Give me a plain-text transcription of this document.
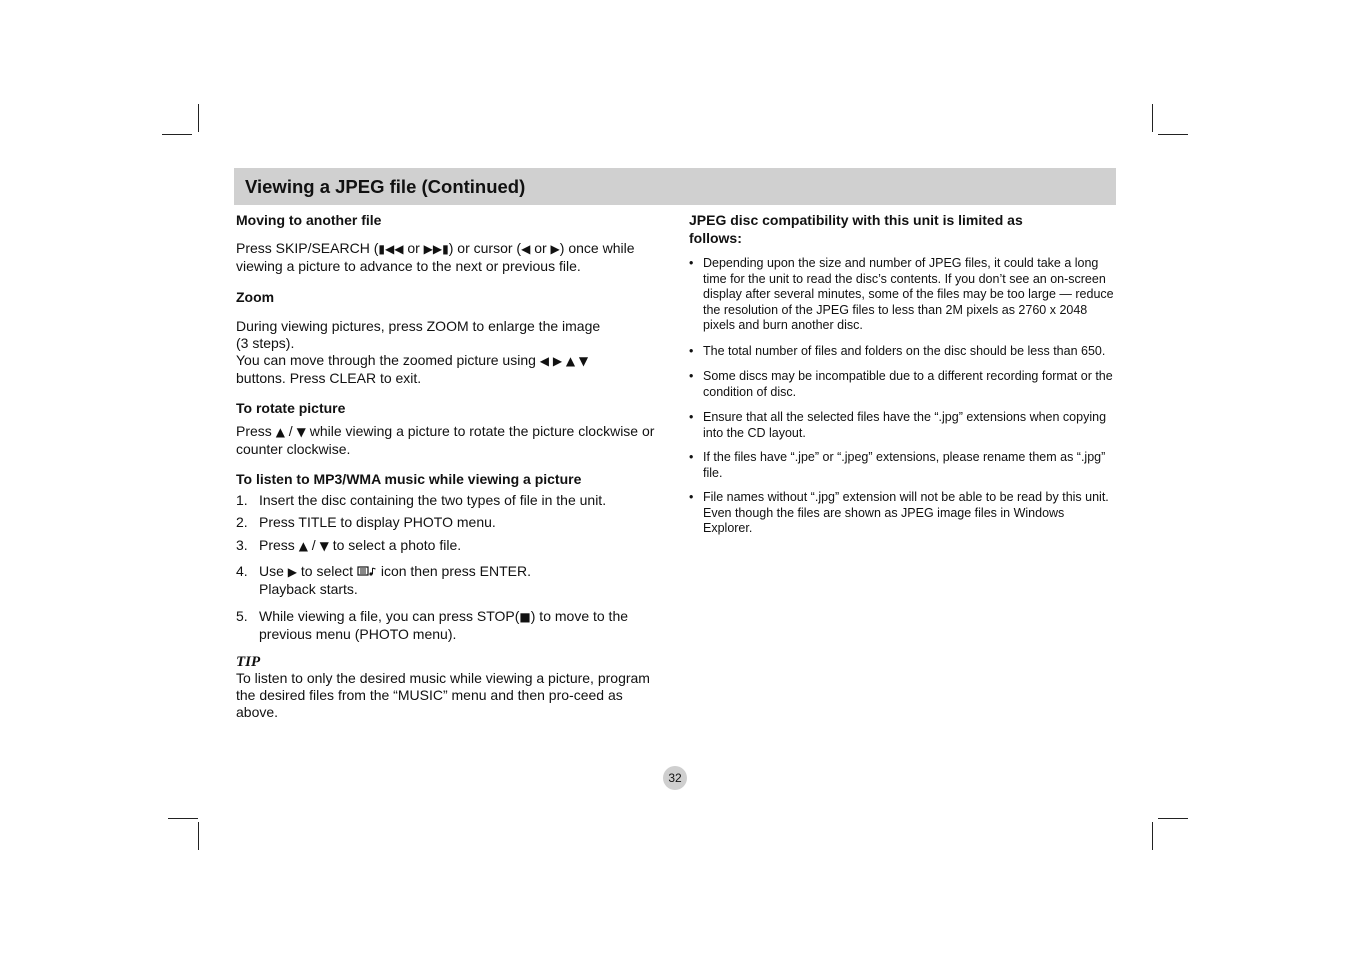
Viewing a JPEG file (Continued)

Moving to another file

Press SKIP/SEARCH (▮◀◀ or ▶▶▮) or cursor (◀ or ▶) once while viewing a picture to advance to the next or previous file.

Zoom

During viewing pictures, press ZOOM to enlarge the image

(3 steps).

You can move through the zoomed picture using ◀ ▶ ▲ ▼

buttons. Press CLEAR to exit.

To rotate picture

Press ▲ / ▼ while viewing a picture to rotate the picture clockwise or counter clockwise.

To listen to MP3/WMA music while viewing a picture

1. Insert the disc containing the two types of file in the unit.
2. Press TITLE to display PHOTO menu.
3. Press ▲ / ▼ to select a photo file.
4. Use ▶ to select  icon then press ENTER.
Playback starts.
5. While viewing a file, you can press STOP(■) to move to the previous menu (PHOTO menu).
TIP

To listen to only the desired music while viewing a picture, program the desired files from the “MUSIC” menu and then pro-ceed as above.

JPEG disc compatibility with this unit is limited as follows:

• Depending upon the size and number of JPEG files, it could take a long time for the unit to read the disc’s contents. If you don’t see an on-screen display after several minutes, some of the files may be too large — reduce the resolution of the JPEG files to less than 2M pixels as 2760 x 2048 pixels and burn another disc.
• The total number of files and folders on the disc should be less than 650.
• Some discs may be incompatible due to a different recording format or the condition of disc.
• Ensure that all the selected files have the “.jpg” extensions when copying into the CD layout.
• If the files have “.jpe” or “.jpeg” extensions, please rename them as “.jpg” file.
• File names without “.jpg” extension will not be able to be read by this unit. Even though the files are shown as JPEG image files in Windows Explorer.
32
